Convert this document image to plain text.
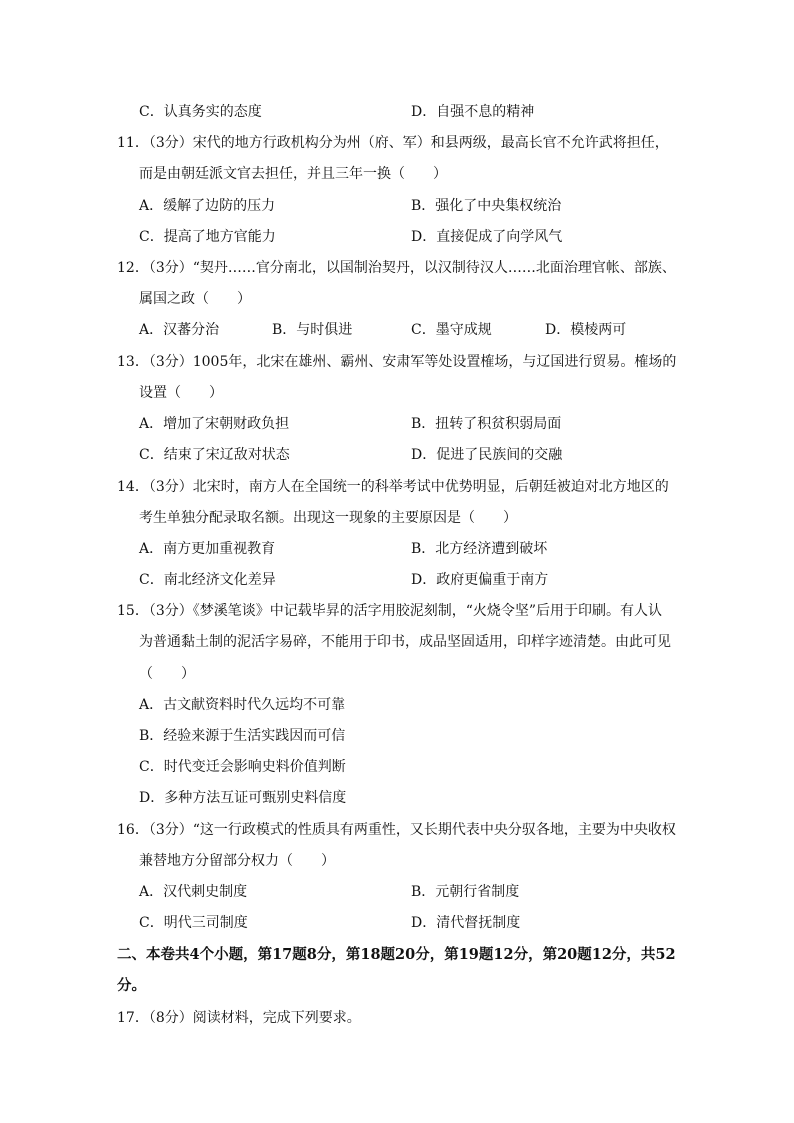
C．认真务实的态度	D．自强不息的精神
11．（3分）宋代的地方行政机构分为州（府、军）和县两级，最高长官不允许武将担任，
而是由朝廷派文官去担任，并且三年一换（　　）
A．缓解了边防的压力	B．强化了中央集权统治
C．提高了地方官能力	D．直接促成了向学风气
12．（3分）“契丹……官分南北，以国制治契丹，以汉制待汉人……北面治理官帐、部族、
属国之政（　　）
A．汉蕃分治	B．与时俱进	C．墨守成规	D．模棱两可
13．（3分）1005年，北宋在雄州、霸州、安肃军等处设置榷场，与辽国进行贸易。榷场的
设置（　　）
A．增加了宋朝财政负担	B．扭转了积贫积弱局面
C．结束了宋辽敌对状态	D．促进了民族间的交融
14．（3分）北宋时，南方人在全国统一的科举考试中优势明显，后朝廷被迫对北方地区的
考生单独分配录取名额。出现这一现象的主要原因是（　　）
A．南方更加重视教育	B．北方经济遭到破坏
C．南北经济文化差异	D．政府更偏重于南方
15．（3分）《梦溪笔谈》中记载毕昇的活字用胶泥刻制，“火烧令坚”后用于印刷。有人认
为普通黏土制的泥活字易碎，不能用于印书，成品坚固适用，印样字迹清楚。由此可见
（　　）
A．古文献资料时代久远均不可靠
B．经验来源于生活实践因而可信
C．时代变迁会影响史料价值判断
D．多种方法互证可甄别史料信度
16．（3分）“这一行政模式的性质具有两重性，又长期代表中央分驭各地，主要为中央收权
兼替地方分留部分权力（　　）
A．汉代刺史制度	B．元朝行省制度
C．明代三司制度	D．清代督抚制度
二、本卷共4个小题，第17题8分，第18题20分，第19题12分，第20题12分，共52
分。
17．（8分）阅读材料，完成下列要求。
